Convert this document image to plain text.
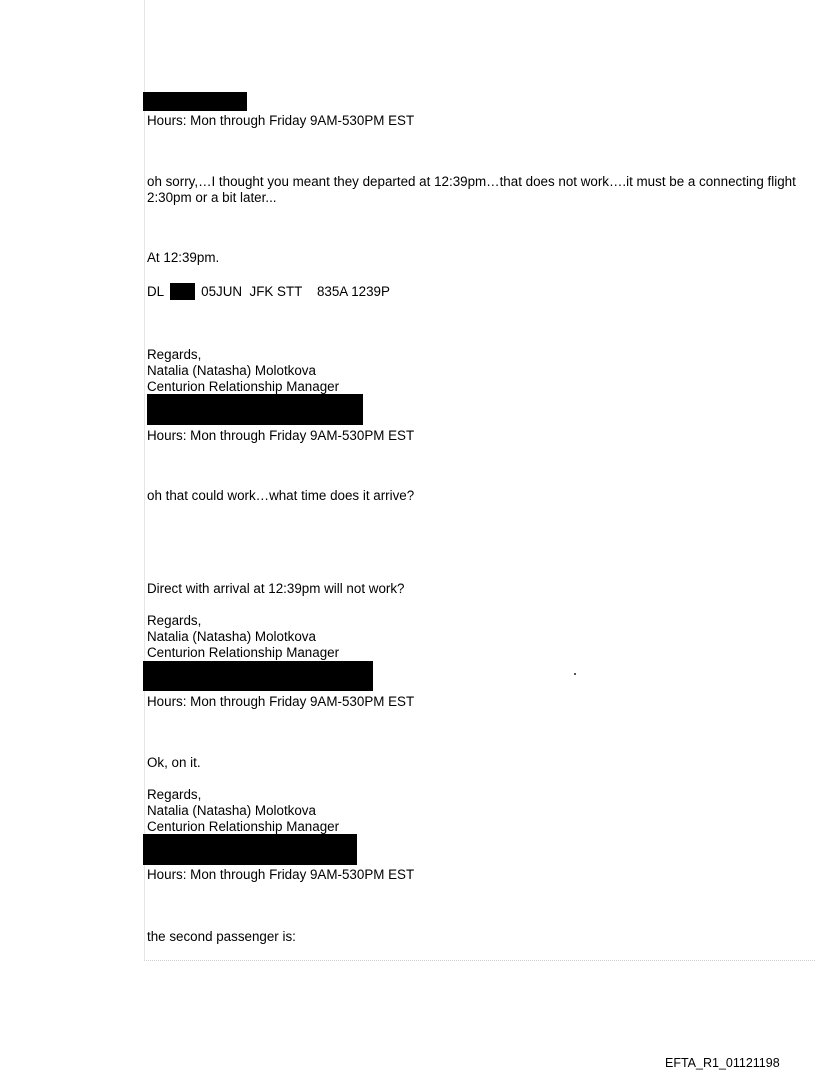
Hours: Mon through Friday 9AM-530PM EST
oh sorry,…I thought you meant they departed at 12:39pm…that does not work….it must be a connecting flight
2:30pm or a bit later...
At 12:39pm.
DL	05JUN  JFK STT    835A 1239P
Regards,
Natalia (Natasha) Molotkova
Centurion Relationship Manager
Hours: Mon through Friday 9AM-530PM EST
oh that could work…what time does it arrive?
Direct with arrival at 12:39pm will not work?
Regards,
Natalia (Natasha) Molotkova
Centurion Relationship Manager
Hours: Mon through Friday 9AM-530PM EST
Ok, on it.
Regards,
Natalia (Natasha) Molotkova
Centurion Relationship Manager
Hours: Mon through Friday 9AM-530PM EST
the second passenger is:
EFTA_R1_01121198
